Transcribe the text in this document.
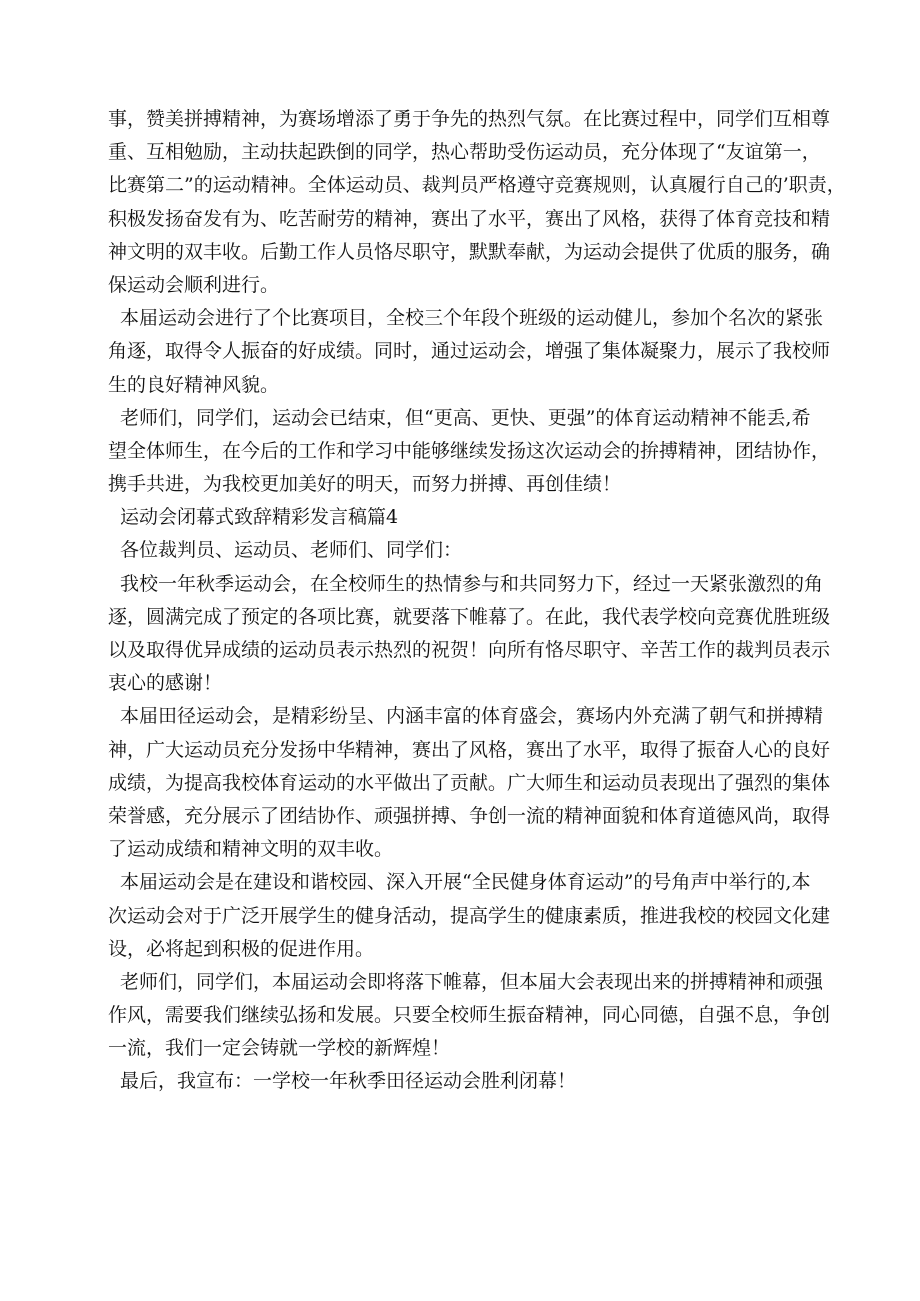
事，赞美拼搏精神，为赛场增添了勇于争先的热烈气氛。在比赛过程中，同学们互相尊
重、互相勉励，主动扶起跌倒的同学，热心帮助受伤运动员，充分体现了“友谊第一，
比赛第二”的运动精神。全体运动员、裁判员严格遵守竞赛规则，认真履行自己的’职责，
积极发扬奋发有为、吃苦耐劳的精神，赛出了水平，赛出了风格，获得了体育竞技和精
神文明的双丰收。后勤工作人员恪尽职守，默默奉献，为运动会提供了优质的服务，确
保运动会顺利进行。
本届运动会进行了个比赛项目，全校三个年段个班级的运动健儿，参加个名次的紧张
角逐，取得令人振奋的好成绩。同时，通过运动会，增强了集体凝聚力，展示了我校师
生的良好精神风貌。
老师们，同学们，运动会已结束，但“更高、更快、更强”的体育运动精神不能丢,希
望全体师生，在今后的工作和学习中能够继续发扬这次运动会的拚搏精神，团结协作，
携手共进，为我校更加美好的明天，而努力拼搏、再创佳绩！
运动会闭幕式致辞精彩发言稿篇4
各位裁判员、运动员、老师们、同学们：
我校一年秋季运动会，在全校师生的热情参与和共同努力下，经过一天紧张激烈的角
逐，圆满完成了预定的各项比赛，就要落下帷幕了。在此，我代表学校向竞赛优胜班级
以及取得优异成绩的运动员表示热烈的祝贺！向所有恪尽职守、辛苦工作的裁判员表示
衷心的感谢！
本届田径运动会，是精彩纷呈、内涵丰富的体育盛会，赛场内外充满了朝气和拼搏精
神，广大运动员充分发扬中华精神，赛出了风格，赛出了水平，取得了振奋人心的良好
成绩，为提高我校体育运动的水平做出了贡献。广大师生和运动员表现出了强烈的集体
荣誉感，充分展示了团结协作、顽强拼搏、争创一流的精神面貌和体育道德风尚，取得
了运动成绩和精神文明的双丰收。
本届运动会是在建设和谐校园、深入开展“全民健身体育运动”的号角声中举行的,本
次运动会对于广泛开展学生的健身活动，提高学生的健康素质，推进我校的校园文化建
设，必将起到积极的促进作用。
老师们，同学们，本届运动会即将落下帷幕，但本届大会表现出来的拼搏精神和顽强
作风，需要我们继续弘扬和发展。只要全校师生振奋精神，同心同德，自强不息，争创
一流，我们一定会铸就一学校的新辉煌！
最后，我宣布：一学校一年秋季田径运动会胜利闭幕！
